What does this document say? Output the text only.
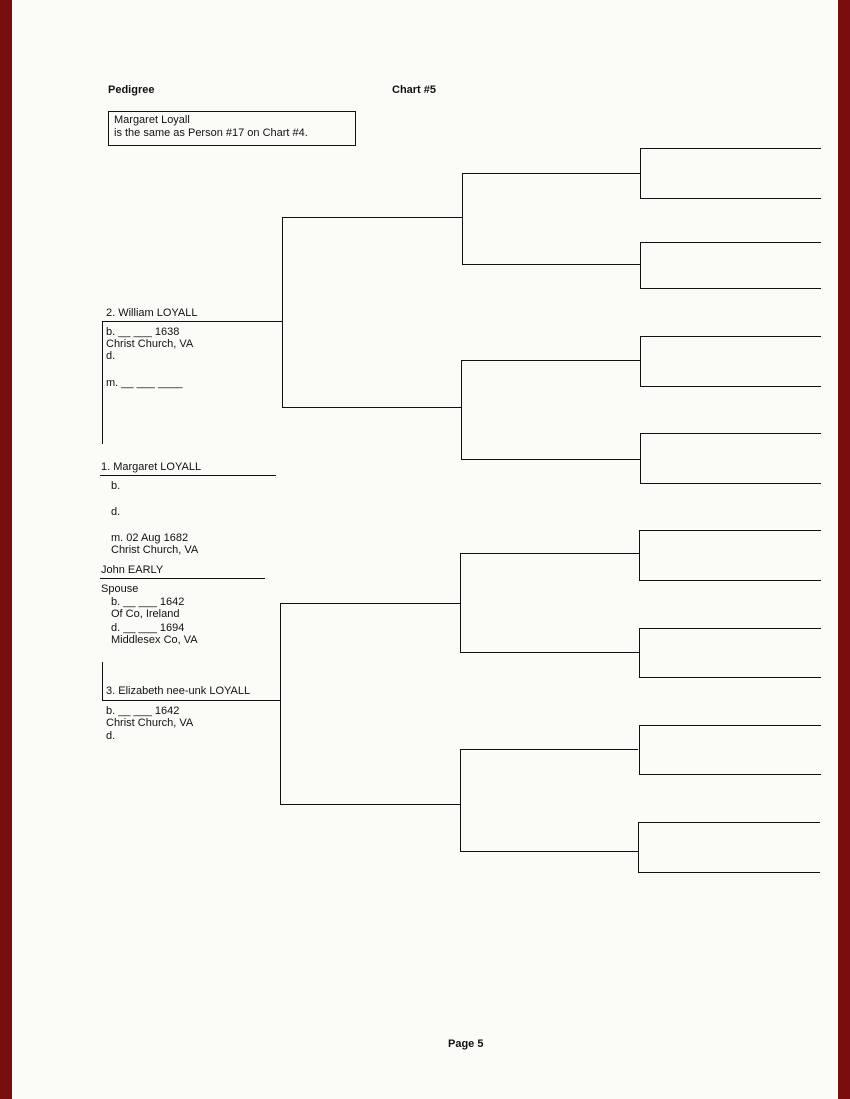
Pedigree	Chart #5
Margaret Loyall
is the same as Person #17 on Chart #4.
2. William LOYALL
b. __ ___ 1638
Christ Church, VA
d.
m. __ ___ ____
1. Margaret LOYALL
b.
d.
m. 02 Aug 1682
Christ Church, VA
John EARLY
Spouse
b. __ ___ 1642
Of Co, Ireland
d. __ ___ 1694
Middlesex Co, VA
3. Elizabeth nee-unk LOYALL
b. __ ___ 1642
Christ Church, VA
d.
Page 5
